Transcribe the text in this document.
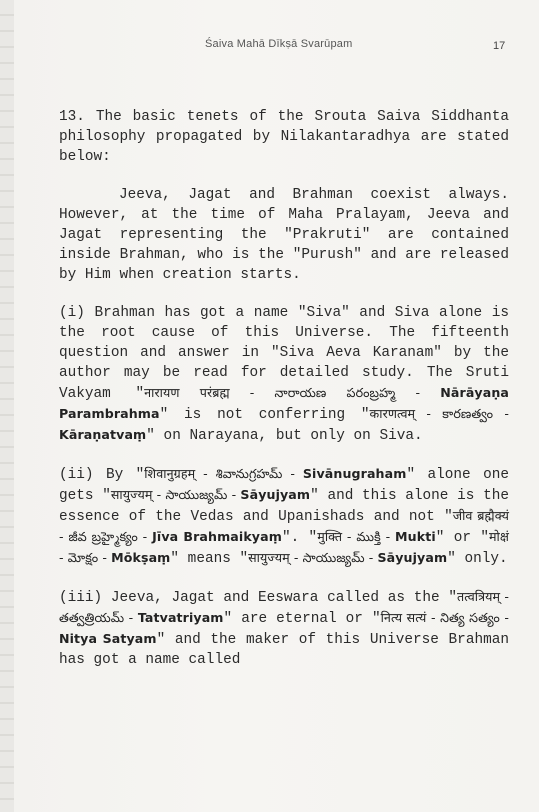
Śaiva Mahā Dīkṣā Svarūpam	17

13. The basic tenets of the Srouta Saiva Siddhanta philosophy propagated by Nilakantaradhya are stated below:

Jeeva, Jagat and Brahman coexist always. However, at the time of Maha Pralayam, Jeeva and Jagat representing the "Prakruti" are contained inside Brahman, who is the "Purush" and are released by Him when creation starts.

(i) Brahman has got a name "Siva" and Siva alone is the root cause of this Universe. The fifteenth question and answer in "Siva Aeva Karanam" by the author may be read for detailed study. The Sruti Vakyam "नारायण परंब्रह्म - నారాయణ పరంబ్రహ్మ - Nārāyaṇa Parambrahma" is not conferring "कारणत्वम् - కారణత్వం - Kāraṇatvaṃ" on Narayana, but only on Siva.

(ii) By "शिवानुग्रहम् - శివానుగ్రహమ్ - Sivānugraham" alone one gets "सायुज्यम् - సాయుజ్యమ్ - Sāyujyam" and this alone is the essence of the Vedas and Upanishads and not "जीव ब्रह्मैक्यं - జీవ బ్రహ్మైక్యం - Jīva Brahmaikyaṃ". "मुक्ति - ముక్తి - Mukti" or "मोक्षं - మోక్షం - Mōkṣaṃ" means "सायुज्यम् - సాయుజ్యమ్ - Sāyujyam" only.

(iii) Jeeva, Jagat and Eeswara called as the "तत्वत्रियम् - తత్వత్రియమ్ - Tatvatriyam" are eternal or "नित्य सत्यं - నిత్య సత్యం - Nitya Satyam" and the maker of this Universe Brahman has got a name called
